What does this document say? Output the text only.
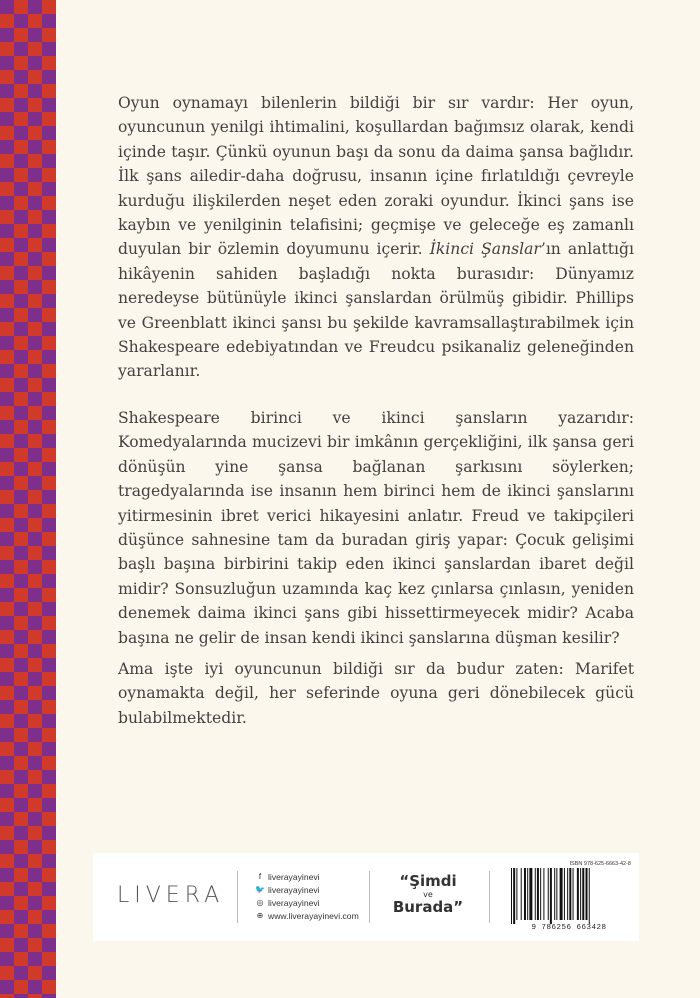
Oyun oynamayı bilenlerin bildiği bir sır vardır: Her oyun, oyuncunun yenilgi ihtimalini, koşullardan bağımsız olarak, kendi içinde taşır. Çünkü oyunun başı da sonu da daima şansa bağlıdır. İlk şans ailedir-daha doğrusu, insanın içine fırlatıldığı çevreyle kurduğu ilişkilerden neşet eden zoraki oyundur. İkinci şans ise kaybın ve yenilginin telafisini; geçmişe ve geleceğe eş zamanlı duyulan bir özlemin doyumunu içerir. İkinci Şanslar’ın anlattığı hikâyenin sahiden başladığı nokta burasıdır: Dünyamız neredeyse bütünüyle ikinci şanslardan örülmüş gibidir. Phillips ve Greenblatt ikinci şansı bu şekilde kavramsallaştırabilmek için Shakespeare edebiyatından ve Freudcu psikanaliz geleneğinden yararlanır.

Shakespeare birinci ve ikinci şansların yazarıdır: Komedyalarında mucizevi bir imkânın gerçekliğini, ilk şansa geri dönüşün yine şansa bağlanan şarkısını söylerken; tragedyalarında ise insanın hem birinci hem de ikinci şanslarını yitirmesinin ibret verici hikayesini anlatır. Freud ve takipçileri düşünce sahnesine tam da buradan giriş yapar: Çocuk gelişimi başlı başına birbirini takip eden ikinci şanslardan ibaret değil midir? Sonsuzluğun uzamında kaç kez çınlarsa çınlasın, yeniden denemek daima ikinci şans gibi hissettirmeyecek midir? Acaba başına ne gelir de insan kendi ikinci şanslarına düşman kesilir?

Ama işte iyi oyuncunun bildiği sır da budur zaten: Marifet oynamakta değil, her seferinde oyuna geri dönebilecek gücü bulabilmektedir.

LIVERA
f liverayayinevi
🐦 liverayayinevi
◎ liverayayinevi
⊕ www.liverayayinevi.com
“Şimdi
ve
Burada”
ISBN 978-625-6663-42-8
9 786256 663428
